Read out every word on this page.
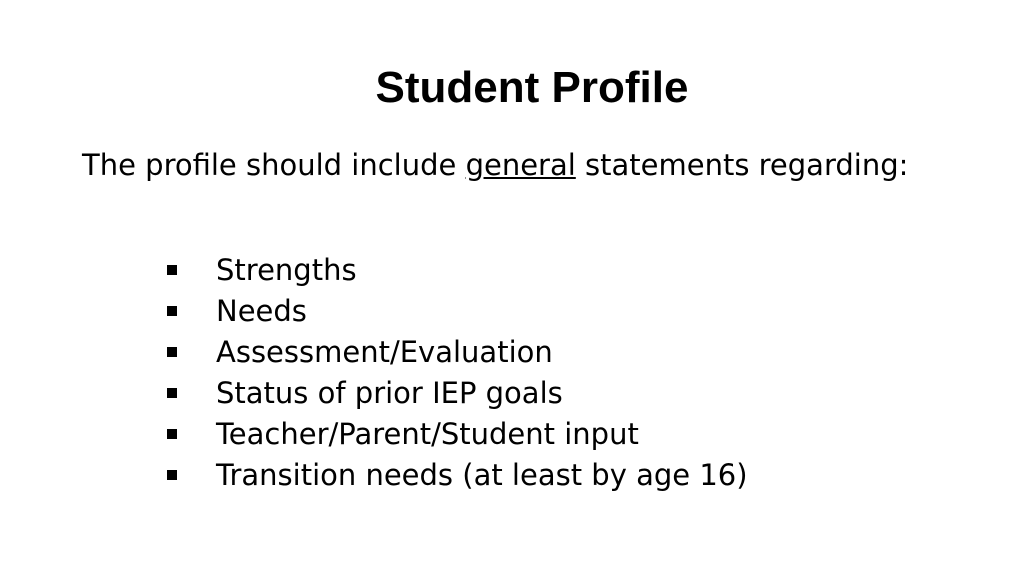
Student Profile

The profile should include general statements regarding:

Strengths
Needs
Assessment/Evaluation
Status of prior IEP goals
Teacher/Parent/Student input
Transition needs (at least by age 16)
